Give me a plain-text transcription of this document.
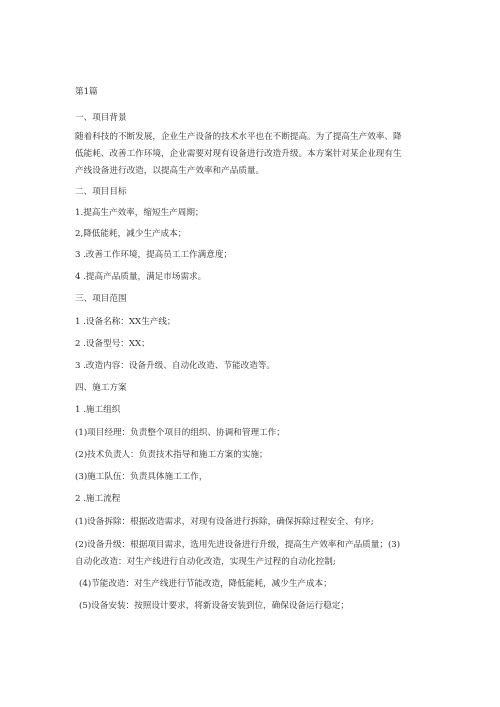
第1篇
一、项目背景
随着科技的不断发展，企业生产设备的技术水平也在不断提高。为了提高生产效率、降
低能耗、改善工作环境，企业需要对现有设备进行改造升级。本方案针对某企业现有生
产线设备进行改造，以提高生产效率和产品质量。
二、项目目标
1.提高生产效率，缩短生产周期；
2,降低能耗，减少生产成本；
3 .改善工作环境，提高员工工作满意度；
4 .提高产品质量，满足市场需求。
三、项目范围
1 .设备名称：XX生产线；
2 .设备型号：XX；
3 .改造内容：设备升级、自动化改造、节能改造等。
四、施工方案
1 .施工组织
(1)项目经理：负责整个项目的组织、协调和管理工作；
(2)技术负责人：负责技术指导和施工方案的实施；
(3)施工队伍：负责具体施工工作，
2 .施工流程
(1)设备拆除：根据改造需求，对现有设备进行拆除，确保拆除过程安全、有序;
(2)设备升级：根据项目需求，选用先进设备进行升级，提高生产效率和产品质量；(3)
自动化改造：对生产线进行自动化改造，实现生产过程的自动化控制;
(4)节能改造：对生产线进行节能改造，降低能耗，减少生产成本；
(5)设备安装：按照设计要求，将新设备安装到位，确保设备运行稳定；
